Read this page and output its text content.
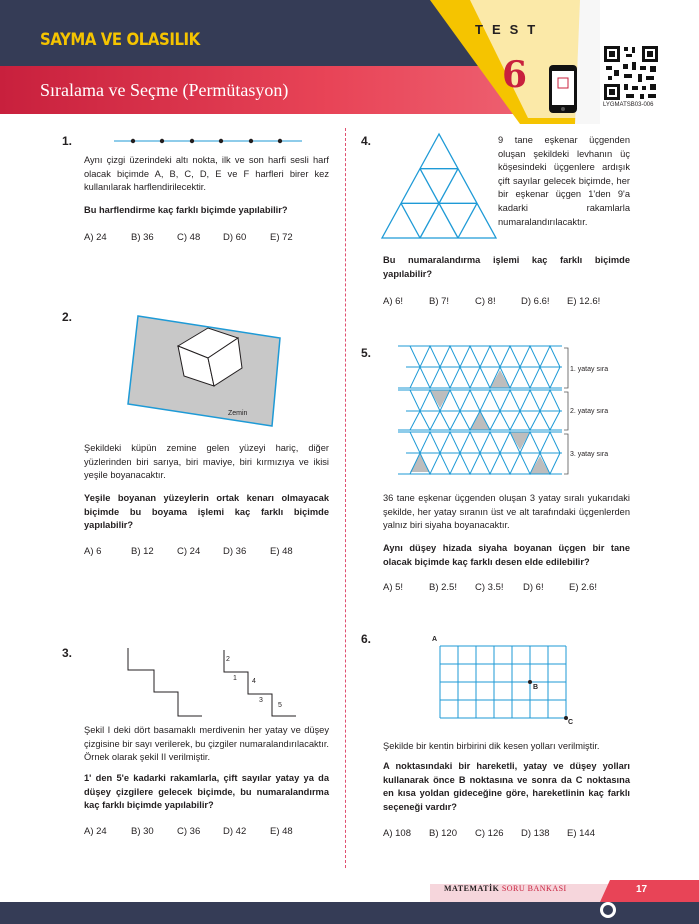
SAYMA VE OLASILIK
Sıralama ve Seçme (Permütasyon)
TEST
6
LYGMATSB03-006
1.
Aynı çizgi üzerindeki altı nokta, ilk ve son harfi sesli harf olacak biçimde A, B, C, D, E ve F harfleri birer kez kullanılarak harflendirilecektir.
Bu harflendirme kaç farklı biçimde yapılabilir?
A) 24	B) 36	C) 48	D) 60	E) 72
2.
Zemin
Şekildeki küpün zemine gelen yüzeyi hariç, diğer yüzlerinden biri sarıya, biri maviye, biri kırmızıya ve ikisi yeşile boyanacaktır.
Yeşile boyanan yüzeylerin ortak kenarı olmayacak biçimde bu boyama işlemi kaç farklı biçimde yapılabilir?
A) 6	B) 12	C) 24	D) 36	E) 48
3.	2
1 4
3
5
Şekil I deki dört basamaklı merdivenin her yatay ve düşey çizgisine bir sayı verilerek, bu çizgiler numaralandırılacaktır. Örnek olarak şekil II verilmiştir.
1' den 5'e kadarki rakamlarla, çift sayılar yatay ya da düşey çizgilere gelecek biçimde, bu numaralandırma kaç farklı biçimde yapılabilir?
A) 24	B) 30	C) 36	D) 42	E) 48
4.	9 tane eşkenar üçgenden oluşan şekildeki levhanın üç köşesindeki üçgenlere ardışık çift sayılar gelecek biçimde, her bir eşkenar üçgen 1'den 9'a kadarki rakamlarla numaralandırılacaktır.
Bu numaralandırma işlemi kaç farklı biçimde yapılabilir?
A) 6!	B) 7!	C) 8!	D) 6.6!	E) 12.6!
5.
1. yatay sıra
2. yatay sıra
3. yatay sıra
36 tane eşkenar üçgenden oluşan 3 yatay sıralı yukarıdaki şekilde, her yatay sıranın üst ve alt tarafındaki üçgenlerden yalnız biri siyaha boyanacaktır.
Aynı düşey hizada siyaha boyanan üçgen bir tane olacak biçimde kaç farklı desen elde edilebilir?
A) 5!	B) 2.5!	C) 3.5!	D) 6!	E) 2.6!
6.	A
B
C
Şekilde bir kentin birbirini dik kesen yolları verilmiştir.
A noktasındaki bir hareketli, yatay ve düşey yolları kullanarak önce B noktasına ve sonra da C noktasına en kısa yoldan gideceğine göre, hareketlinin kaç farklı seçeneği vardır?
A) 108	B) 120	C) 126	D) 138	E) 144
MATEMATİK SORU BANKASI	17
